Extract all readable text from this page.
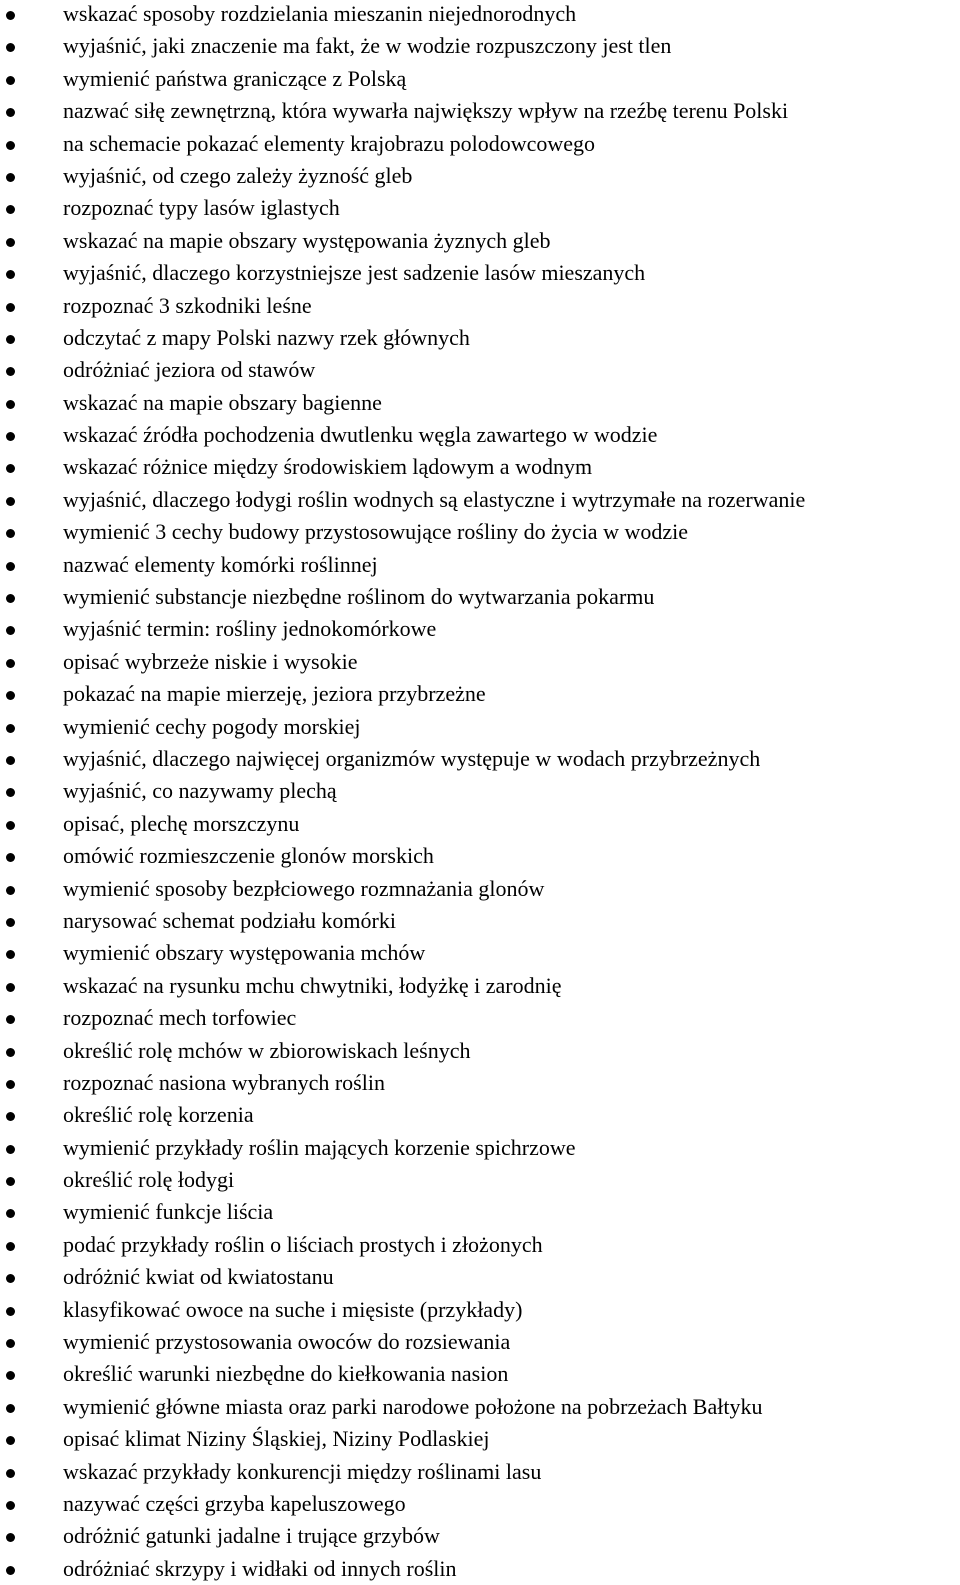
wskazać sposoby rozdzielania mieszanin niejednorodnych
wyjaśnić, jaki znaczenie ma fakt, że w wodzie rozpuszczony jest tlen
wymienić państwa graniczące z Polską
nazwać siłę zewnętrzną, która wywarła największy wpływ na rzeźbę terenu Polski
na schemacie pokazać elementy krajobrazu polodowcowego
wyjaśnić, od czego zależy żyzność gleb
rozpoznać typy lasów iglastych
wskazać na mapie obszary występowania żyznych gleb
wyjaśnić, dlaczego korzystniejsze jest sadzenie lasów mieszanych
rozpoznać 3 szkodniki leśne
odczytać z mapy Polski nazwy rzek głównych
odróżniać jeziora od stawów
wskazać na mapie obszary bagienne
wskazać źródła pochodzenia dwutlenku węgla zawartego w wodzie
wskazać różnice między środowiskiem lądowym a wodnym
wyjaśnić, dlaczego łodygi roślin wodnych są elastyczne i wytrzymałe na rozerwanie
wymienić 3 cechy budowy przystosowujące rośliny do życia w wodzie
nazwać elementy komórki roślinnej
wymienić substancje niezbędne roślinom do wytwarzania pokarmu
wyjaśnić termin: rośliny jednokomórkowe
opisać wybrzeże niskie i wysokie
pokazać na mapie mierzeję, jeziora przybrzeżne
wymienić cechy pogody morskiej
wyjaśnić, dlaczego najwięcej organizmów występuje w wodach przybrzeżnych
wyjaśnić, co nazywamy plechą
opisać, plechę morszczynu
omówić rozmieszczenie glonów morskich
wymienić sposoby bezpłciowego rozmnażania glonów
narysować schemat podziału komórki
wymienić obszary występowania mchów
wskazać na rysunku mchu chwytniki, łodyżkę i zarodnię
rozpoznać mech torfowiec
określić rolę mchów w zbiorowiskach leśnych
rozpoznać nasiona wybranych roślin
określić rolę korzenia
wymienić przykłady roślin mających korzenie spichrzowe
określić rolę łodygi
wymienić funkcje liścia
podać przykłady roślin o liściach prostych i złożonych
odróżnić kwiat od kwiatostanu
klasyfikować owoce na suche i mięsiste (przykłady)
wymienić przystosowania owoców do rozsiewania
określić warunki niezbędne do kiełkowania nasion
wymienić główne miasta oraz parki narodowe położone na pobrzeżach Bałtyku
opisać klimat Niziny Śląskiej, Niziny Podlaskiej
wskazać przykłady konkurencji między roślinami lasu
nazywać części grzyba kapeluszowego
odróżnić gatunki jadalne i trujące grzybów
odróżniać skrzypy i widłaki od innych roślin
